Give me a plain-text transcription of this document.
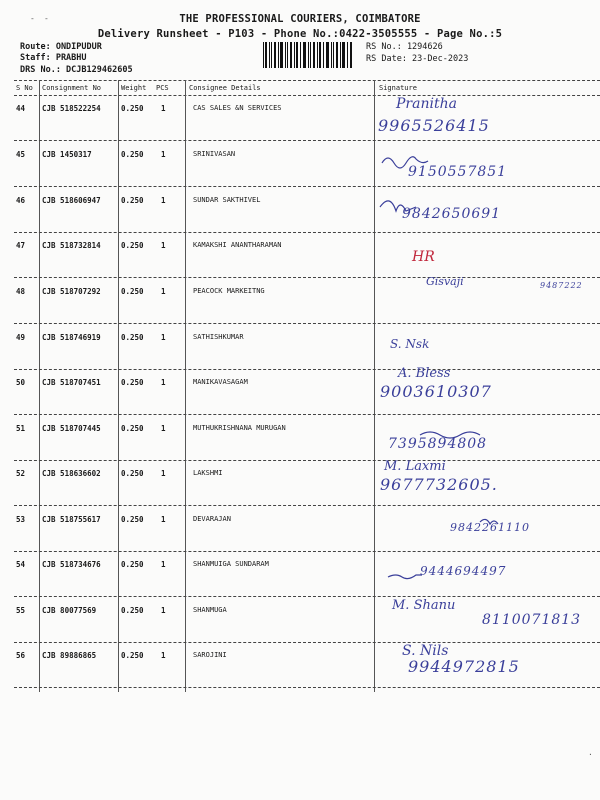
- -	THE PROFESSIONAL COURIERS, COIMBATORE
Delivery Runsheet - P103 - Phone No.:0422-3505555 - Page No.:5
Route: ONDIPUDUR
Staff: PRABHU
DRS No.: DCJB129462605
RS No.: 1294626
RS Date: 23-Dec-2023
S No Consignment No	Weight PCS	Consignee Details	Signature
44 CJB 518522254	0.250 1	CAS SALES &N SERVICES	Pranitha
9965526415
45 CJB 1450317	0.250 1	SRINIVASAN
9150557851
46 CJB 518606947	0.250 1	SUNDAR SAKTHIVEL
9842650691
47 CJB 518732814	0.250 1	KAMAKSHI ANANTHARAMAN
HR
48 CJB 518707292	0.250 1	PEACOCK MARKEITNG
Gisvaji	9487222
49 CJB 518746919	0.250 1	SATHISHKUMAR	S. Nsk
50 CJB 518707451	0.250 1	MANIKAVASAGAM
A. Bless
9003610307
51 CJB 518707445	0.250 1	MUTHUKRISHNANA MURUGAN
7395894808
52 CJB 518636602	0.250 1	LAKSHMI	M. Laxmi
9677732605.
53 CJB 518755617	0.250 1	DEVARAJAN
9842261110
54 CJB 518734676	0.250 1	SHANMUIGA SUNDARAM	9444694497
55 CJB 80077569	0.250 1	SHANMUGA	M. Shanu
8110071813
56 CJB 89886865	0.250 1	SAROJINI	S. Nils
9944972815
.
